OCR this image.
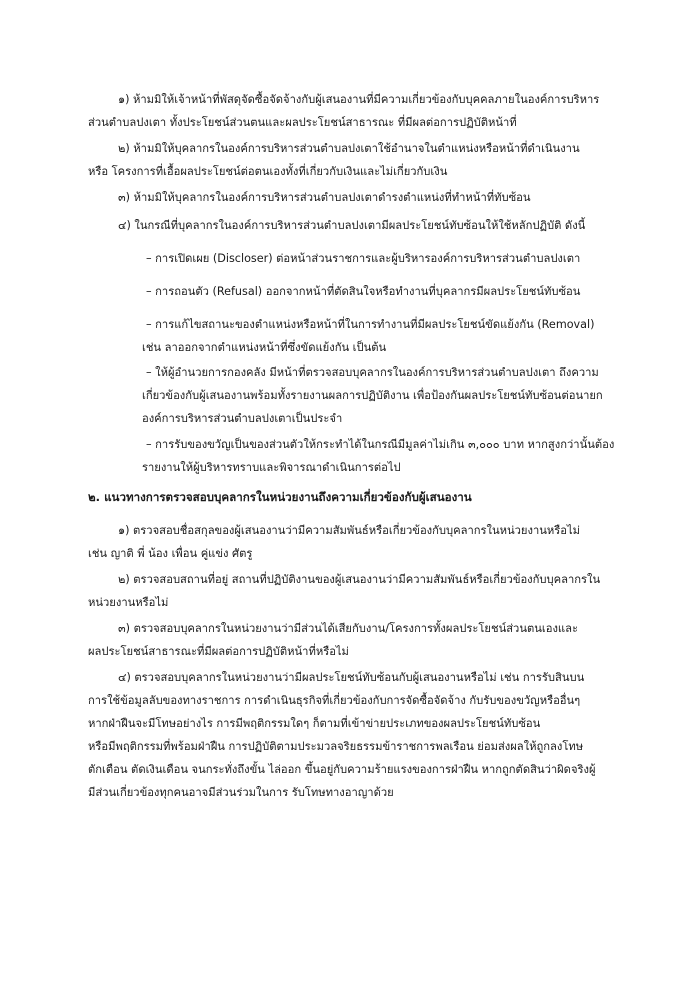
๑) ห้ามมิให้เจ้าหน้าที่พัสดุจัดซื้อจัดจ้างกับผู้เสนองานที่มีความเกี่ยวข้องกับบุคคลภายในองค์การบริหาร
ส่วนตำบลปงเตา ทั้งประโยชน์ส่วนตนและผลประโยชน์สาธารณะ ที่มีผลต่อการปฏิบัติหน้าที่

๒) ห้ามมิให้บุคลากรในองค์การบริหารส่วนตำบลปงเตาใช้อำนาจในตำแหน่งหรือหน้าที่ดำเนินงาน
หรือ โครงการที่เอื้อผลประโยชน์ต่อตนเองทั้งที่เกี่ยวกับเงินและไม่เกี่ยวกับเงิน

๓) ห้ามมิให้บุคลากรในองค์การบริหารส่วนตำบลปงเตาดำรงตำแหน่งที่ทำหน้าที่ทับซ้อน

๔) ในกรณีที่บุคลากรในองค์การบริหารส่วนตำบลปงเตามีผลประโยชน์ทับซ้อนให้ใช้หลักปฏิบัติ ดังนี้

– การเปิดเผย (Discloser) ต่อหน้าส่วนราชการและผู้บริหารองค์การบริหารส่วนตำบลปงเตา

– การถอนตัว (Refusal) ออกจากหน้าที่ตัดสินใจหรือทำงานที่บุคลากรมีผลประโยชน์ทับซ้อน

– การแก้ไขสถานะของตำแหน่งหรือหน้าที่ในการทำงานที่มีผลประโยชน์ขัดแย้งกัน (Removal)
เช่น ลาออกจากตำแหน่งหน้าที่ซึ่งขัดแย้งกัน เป็นต้น

– ให้ผู้อำนวยการกองคลัง มีหน้าที่ตรวจสอบบุคลากรในองค์การบริหารส่วนตำบลปงเตา ถึงความ
เกี่ยวข้องกับผู้เสนองานพร้อมทั้งรายงานผลการปฏิบัติงาน เพื่อป้องกันผลประโยชน์ทับซ้อนต่อนายก
องค์การบริหารส่วนตำบลปงเตาเป็นประจำ

– การรับของขวัญเป็นของส่วนตัวให้กระทำได้ในกรณีมีมูลค่าไม่เกิน ๓,๐๐๐ บาท หากสูงกว่านั้นต้อง
รายงานให้ผู้บริหารทราบและพิจารณาดำเนินการต่อไป

๒. แนวทางการตรวจสอบบุคลากรในหน่วยงานถึงความเกี่ยวข้องกับผู้เสนองาน

๑) ตรวจสอบชื่อสกุลของผู้เสนองานว่ามีความสัมพันธ์หรือเกี่ยวข้องกับบุคลากรในหน่วยงานหรือไม่
เช่น ญาติ พี่ น้อง เพื่อน คู่แข่ง ศัตรู

๒) ตรวจสอบสถานที่อยู่ สถานที่ปฏิบัติงานของผู้เสนองานว่ามีความสัมพันธ์หรือเกี่ยวข้องกับบุคลากรใน
หน่วยงานหรือไม่

๓) ตรวจสอบบุคลากรในหน่วยงานว่ามีส่วนได้เสียกับงาน/โครงการทั้งผลประโยชน์ส่วนตนเองและ
ผลประโยชน์สาธารณะที่มีผลต่อการปฏิบัติหน้าที่หรือไม่

๔) ตรวจสอบบุคลากรในหน่วยงานว่ามีผลประโยชน์ทับซ้อนกับผู้เสนองานหรือไม่ เช่น การรับสินบน
การใช้ข้อมูลลับของทางราชการ การดำเนินธุรกิจที่เกี่ยวข้องกับการจัดซื้อจัดจ้าง กับรับของขวัญหรืออื่นๆ
หากฝ่าฝืนจะมีโทษอย่างไร การมีพฤติกรรมใดๆ ก็ตามที่เข้าข่ายประเภทของผลประโยชน์ทับซ้อน
หรือมีพฤติกรรมที่พร้อมฝ่าฝืน การปฏิบัติตามประมวลจริยธรรมข้าราชการพลเรือน ย่อมส่งผลให้ถูกลงโทษ
ตักเตือน ตัดเงินเดือน จนกระทั่งถึงขั้น ไล่ออก ขึ้นอยู่กับความร้ายแรงของการฝ่าฝืน หากถูกตัดสินว่าผิดจริงผู้
มีส่วนเกี่ยวข้องทุกคนอาจมีส่วนร่วมในการ รับโทษทางอาญาด้วย
